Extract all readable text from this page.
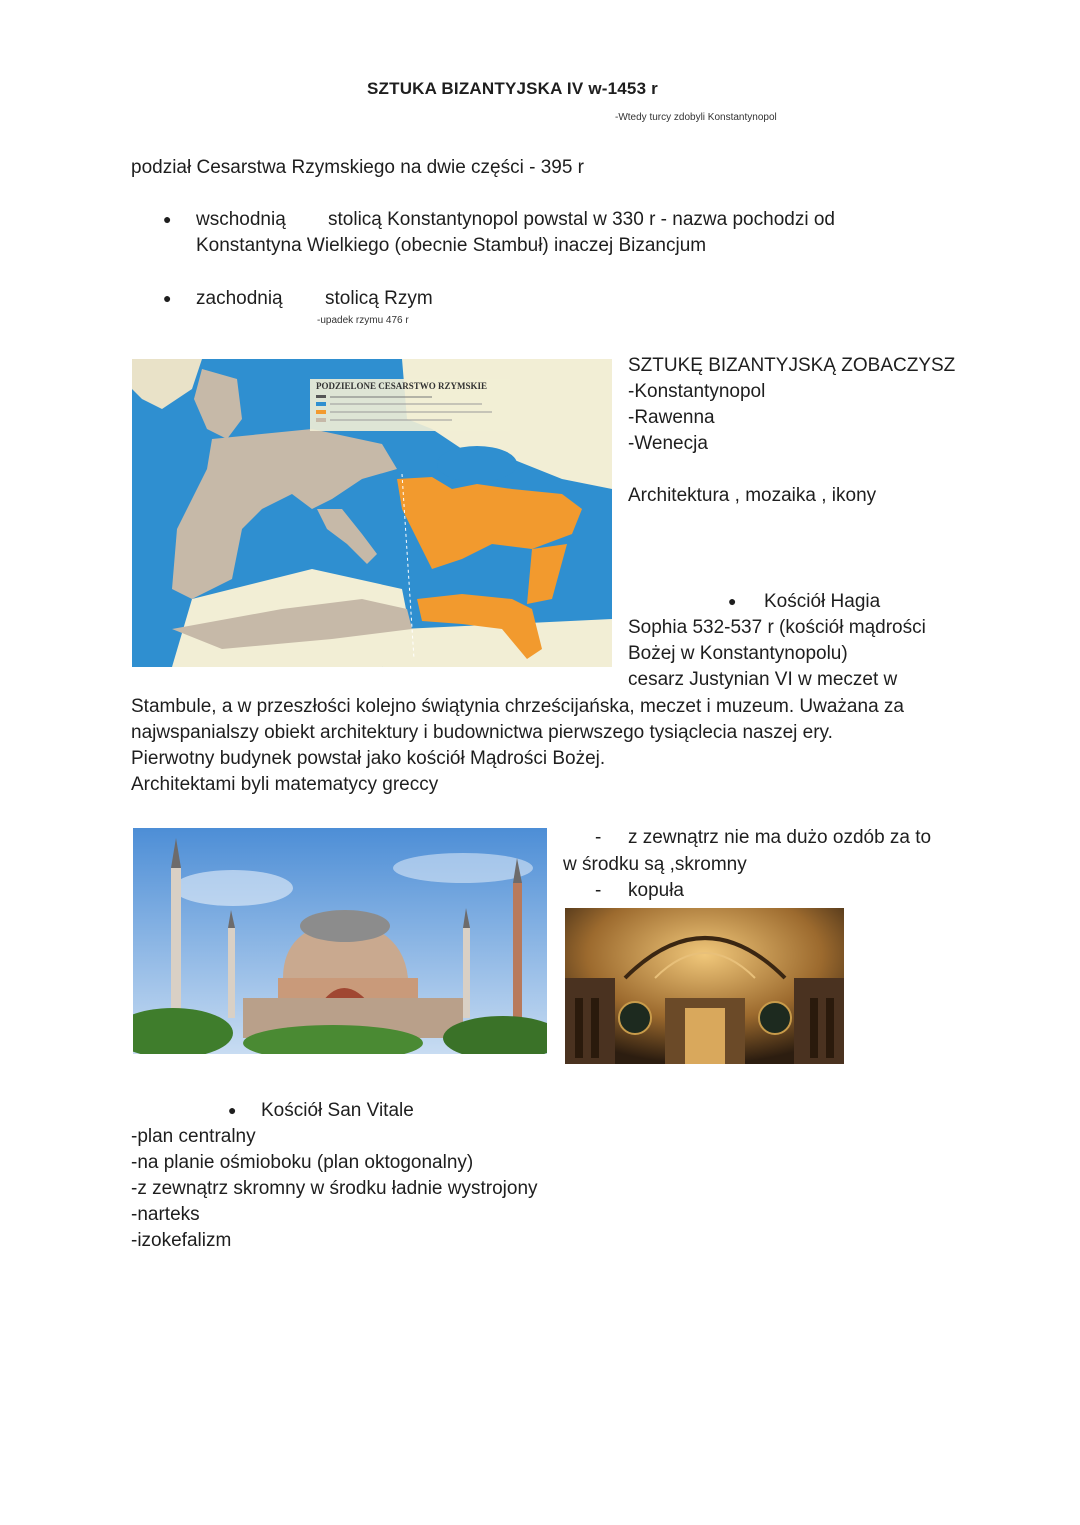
SZTUKA BIZANTYJSKA IV w-1453 r
-Wtedy turcy zdobyli Konstantynopol
podział Cesarstwa Rzymskiego na dwie części - 395 r
● wschodnią stolicą Konstantynopol powstal w 330 r - nazwa pochodzi od
Konstantyna Wielkiego (obecnie Stambuł) inaczej Bizancjum
● zachodnią stolicą Rzym
-upadek rzymu 476 r
PODZIELONE CESARSTWO RZYMSKIE
SZTUKĘ BIZANTYJSKĄ ZOBACZYSZ
-Konstantynopol
-Rawenna
-Wenecja
Architektura , mozaika , ikony
● Kościół Hagia
Sophia 532-537 r (kościół mądrości
Bożej w Konstantynopolu)
cesarz Justynian VI w meczet w
Stambule, a w przeszłości kolejno świątynia chrześcijańska, meczet i muzeum. Uważana za
najwspanialszy obiekt architektury i budownictwa pierwszego tysiąclecia naszej ery.
Pierwotny budynek powstał jako kościół Mądrości Bożej.
Architektami byli matematycy greccy
- z zewnątrz nie ma dużo ozdób za to
w środku są ,skromny
- kopuła
● Kościół San Vitale
-plan centralny
-na planie ośmioboku (plan oktogonalny)
-z zewnątrz skromny w środku ładnie wystrojony
-narteks
-izokefalizm
